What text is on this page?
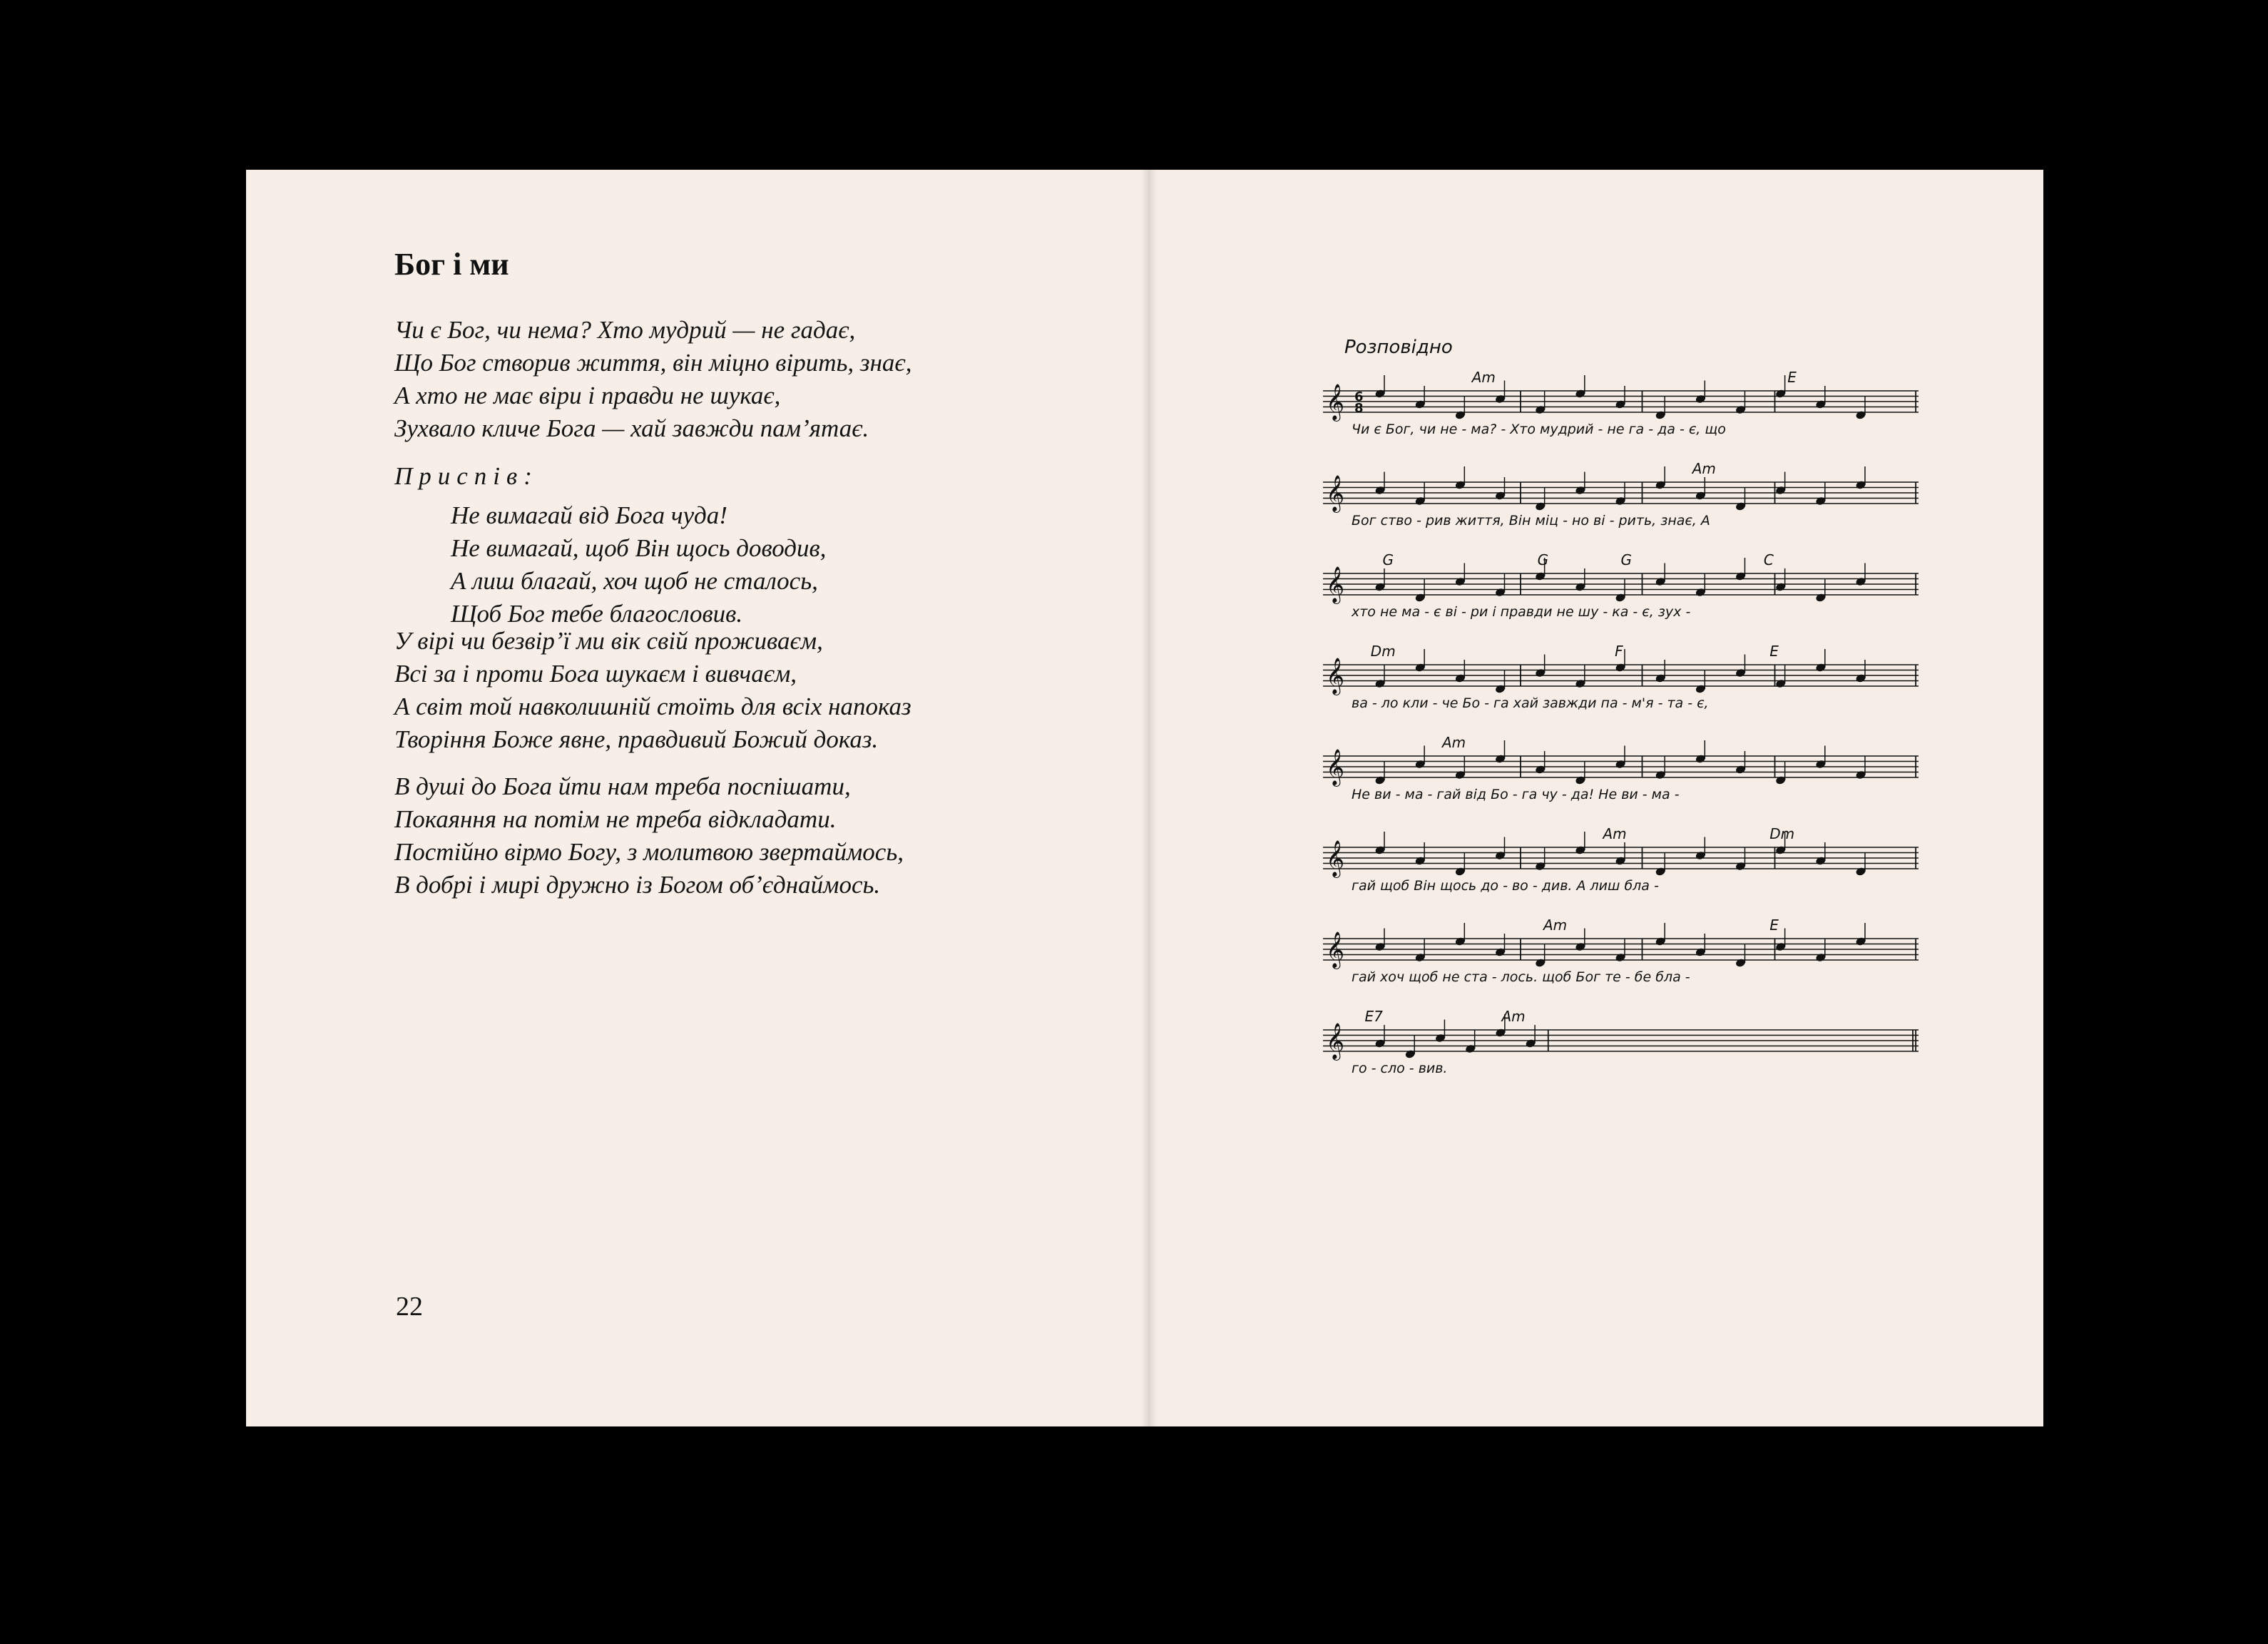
Бог і ми
Чи є Бог, чи нема? Хто мудрий — не гадає,
Що Бог створив життя, він міцно вірить, знає,
А хто не має віри і правди не шукає,
Зухвало кличе Бога — хай завжди пам’ятає.
Приспів:
Не вимагай від Бога чуда!
Не вимагай, щоб Він щось доводив,
А лиш благай, хоч щоб не сталось,
Щоб Бог тебе благословив.
У вірі чи безвір’ї ми вік свій проживаєм,
Всі за і проти Бога шукаєм і вивчаєм,
А світ той навколишній стоїть для всіх напоказ
Творіння Боже явне, правдивий Божий доказ.
В душі до Бога йти нам треба поспішати,
Покаяння на потім не треба відкладати.
Постійно вірмо Богу, з молитвою звертаймось,
В добрі і мирі дружно із Богом об’єднаймось.
22
Розповідно
𝄞 6
8
Am	E
Чи є Бог, чи не - ма? - Хто мудрий - не га - да - є, що
𝄞
Am
Бог ство - рив життя, Він міц - но ві - рить, знає, А
𝄞
G	G	G	C
хто не ма - є ві - ри і правди не шу - ка - є, зух -
𝄞
Dm	F	E
ва - ло кли - че Бо - га хай завжди па - м'я - та - є,
𝄞
Am
Не ви - ма - гай від Бо - га чу - да! Не ви - ма -
𝄞
Am	Dm
гай щоб Він щось до - во - див. А лиш бла -
𝄞
Am	E
гай хоч щоб не ста - лось. щоб Бог те - бе бла -
𝄞
E7	Am
го - сло - вив.
